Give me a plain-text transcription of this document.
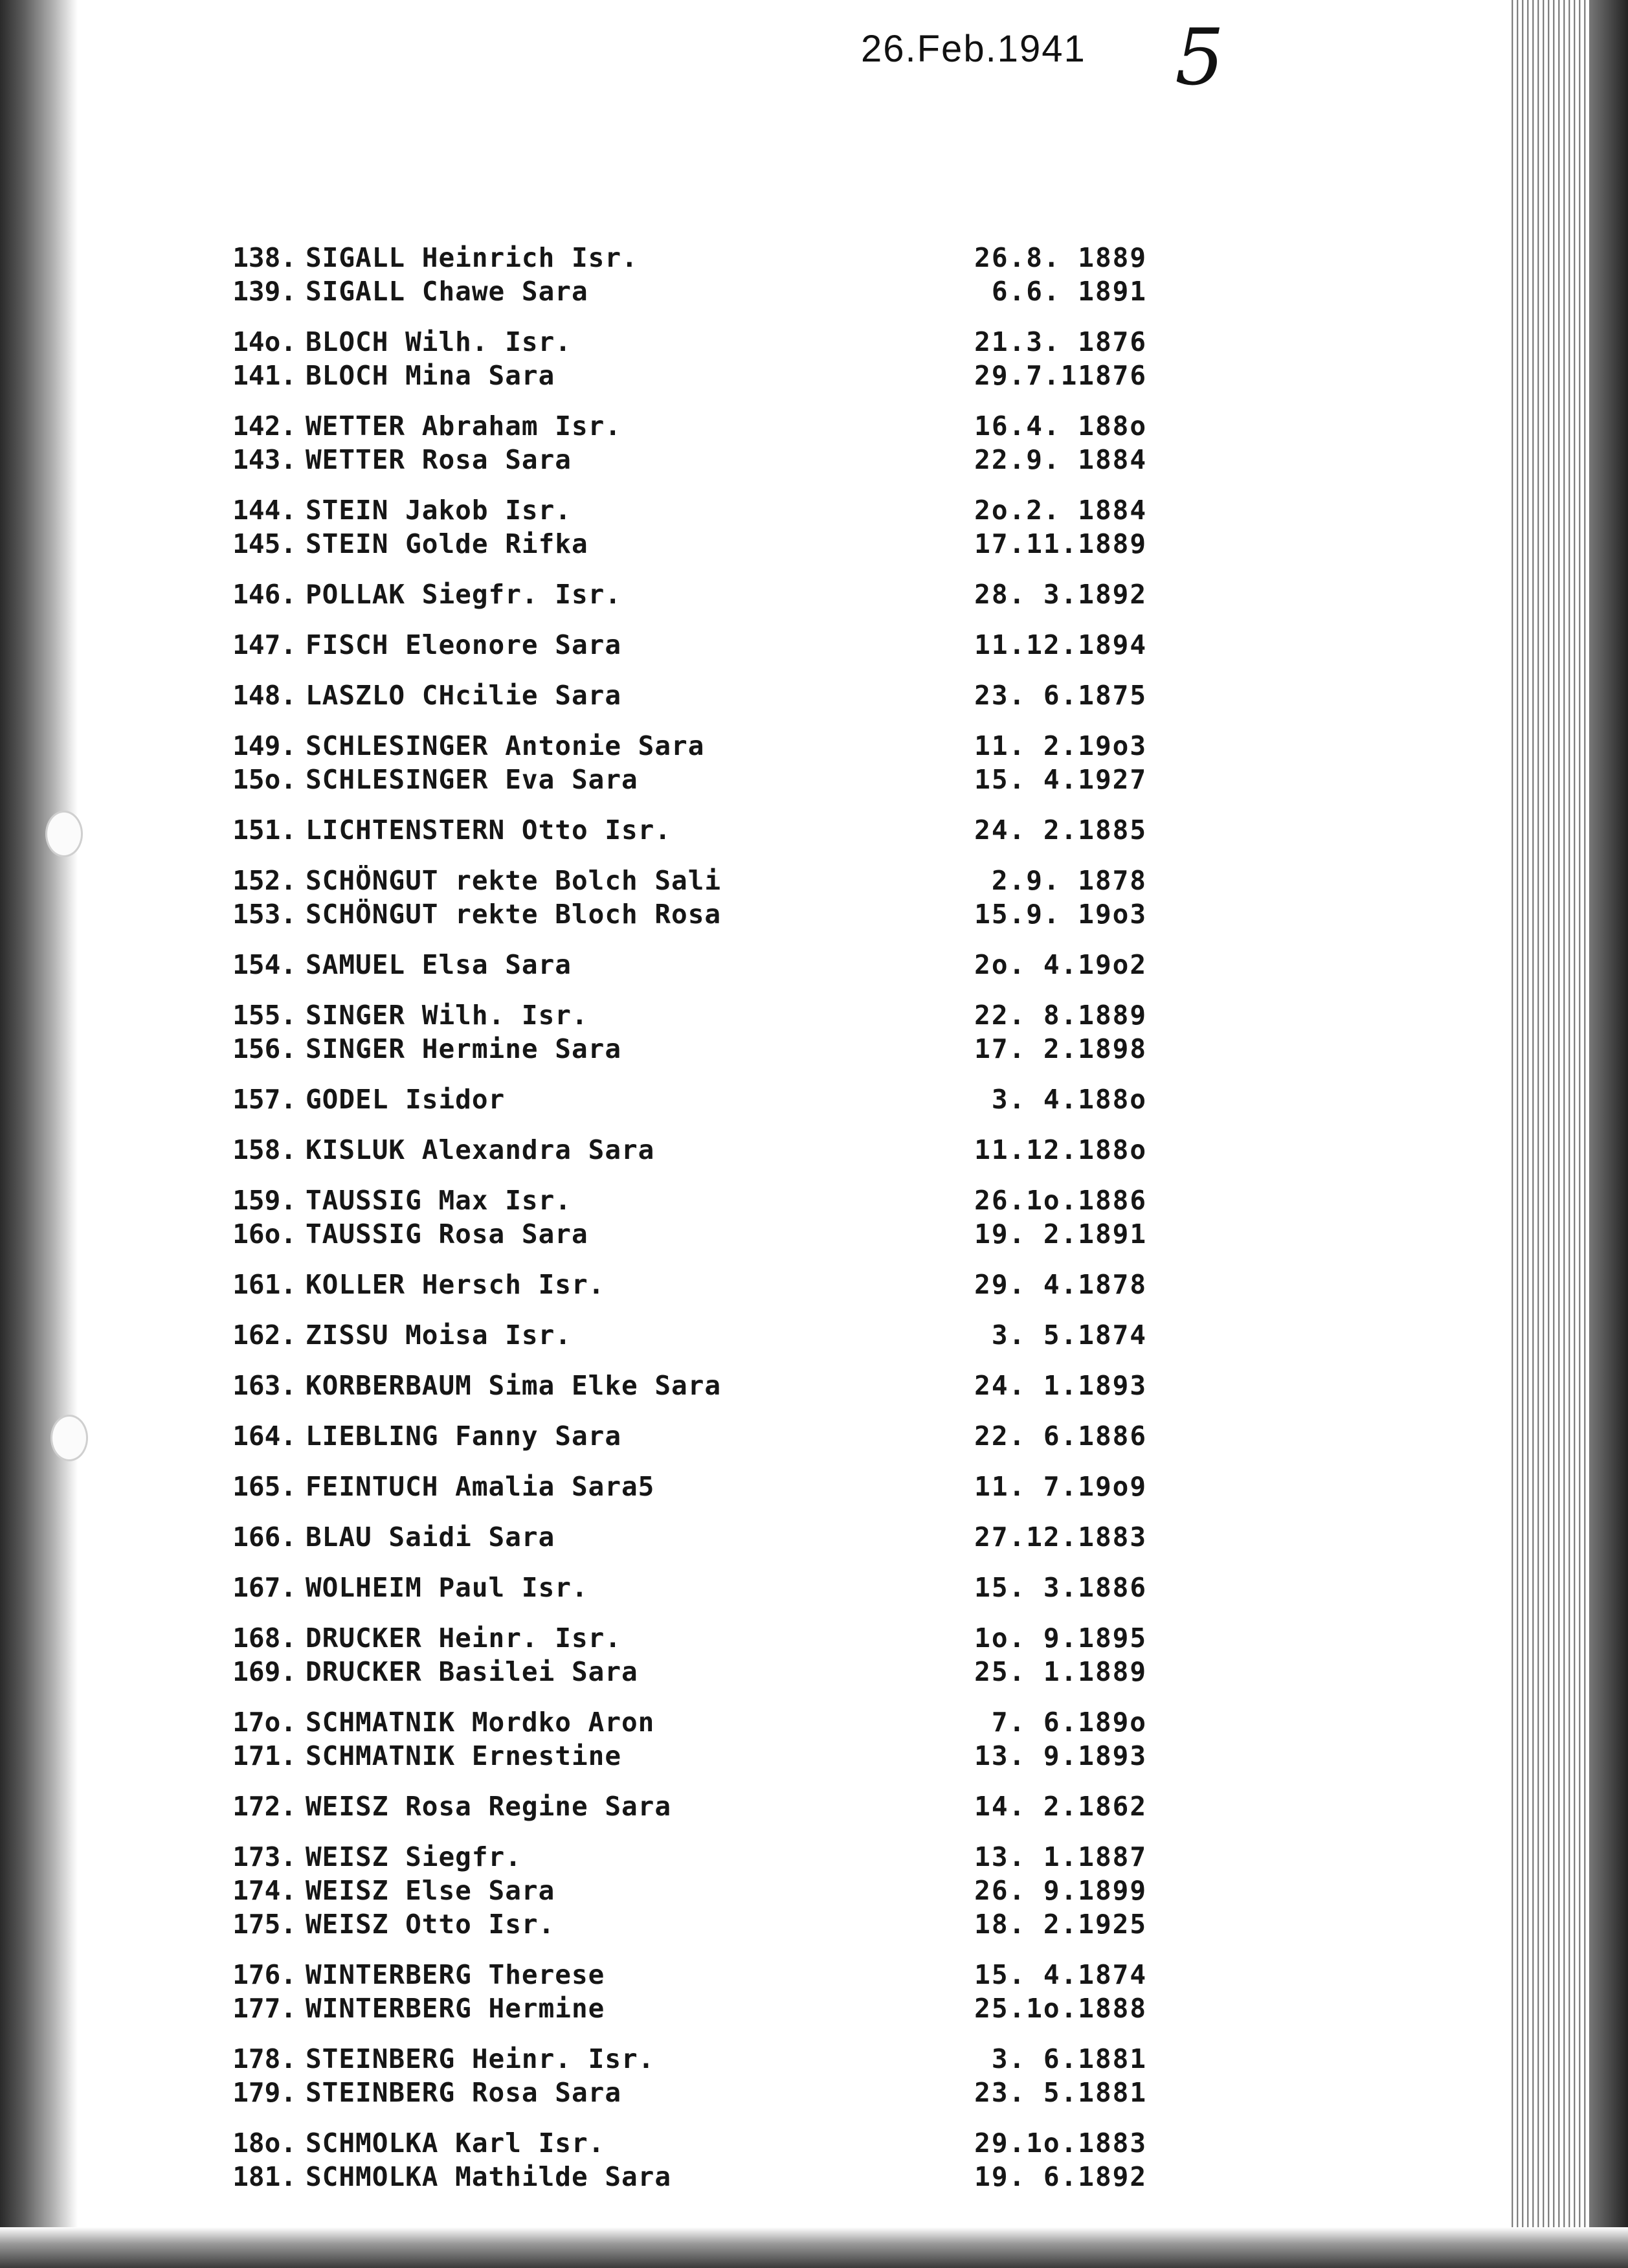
26.Feb.1941 5
138. SIGALL Heinrich Isr.	26.8. 1889
139. SIGALL Chawe Sara	6.6. 1891
14o. BLOCH Wilh. Isr.	21.3. 1876
141. BLOCH Mina Sara	29.7.11876
142. WETTER Abraham Isr.	16.4. 188o
143. WETTER Rosa Sara	22.9. 1884
144. STEIN Jakob Isr.	2o.2. 1884
145. STEIN Golde Rifka	17.11.1889
146. POLLAK Siegfr. Isr.	28. 3.1892
147. FISCH Eleonore Sara	11.12.1894
148. LASZLO CHcilie Sara	23. 6.1875
149. SCHLESINGER Antonie Sara	11. 2.19o3
15o. SCHLESINGER Eva Sara	15. 4.1927
151. LICHTENSTERN Otto Isr.	24. 2.1885
152. SCHÖNGUT rekte Bolch Sali	2.9. 1878
153. SCHÖNGUT rekte Bloch Rosa	15.9. 19o3
154. SAMUEL Elsa Sara	2o. 4.19o2
155. SINGER Wilh. Isr.	22. 8.1889
156. SINGER Hermine Sara	17. 2.1898
157. GODEL Isidor	3. 4.188o
158. KISLUK Alexandra Sara	11.12.188o
159. TAUSSIG Max Isr.	26.1o.1886
16o. TAUSSIG Rosa Sara	19. 2.1891
161. KOLLER Hersch Isr.	29. 4.1878
162. ZISSU Moisa Isr.	3. 5.1874
163. KORBERBAUM Sima Elke Sara	24. 1.1893
164. LIEBLING Fanny Sara	22. 6.1886
165. FEINTUCH Amalia Sara5	11. 7.19o9
166. BLAU Saidi Sara	27.12.1883
167. WOLHEIM Paul Isr.	15. 3.1886
168. DRUCKER Heinr. Isr.	1o. 9.1895
169. DRUCKER Basilei Sara	25. 1.1889
17o. SCHMATNIK Mordko Aron	7. 6.189o
171. SCHMATNIK Ernestine	13. 9.1893
172. WEISZ Rosa Regine Sara	14. 2.1862
173. WEISZ Siegfr.	13. 1.1887
174. WEISZ Else Sara	26. 9.1899
175. WEISZ Otto Isr.	18. 2.1925
176. WINTERBERG Therese	15. 4.1874
177. WINTERBERG Hermine	25.1o.1888
178. STEINBERG Heinr. Isr.	3. 6.1881
179. STEINBERG Rosa Sara	23. 5.1881
18o. SCHMOLKA Karl Isr.	29.1o.1883
181. SCHMOLKA Mathilde Sara	19. 6.1892
